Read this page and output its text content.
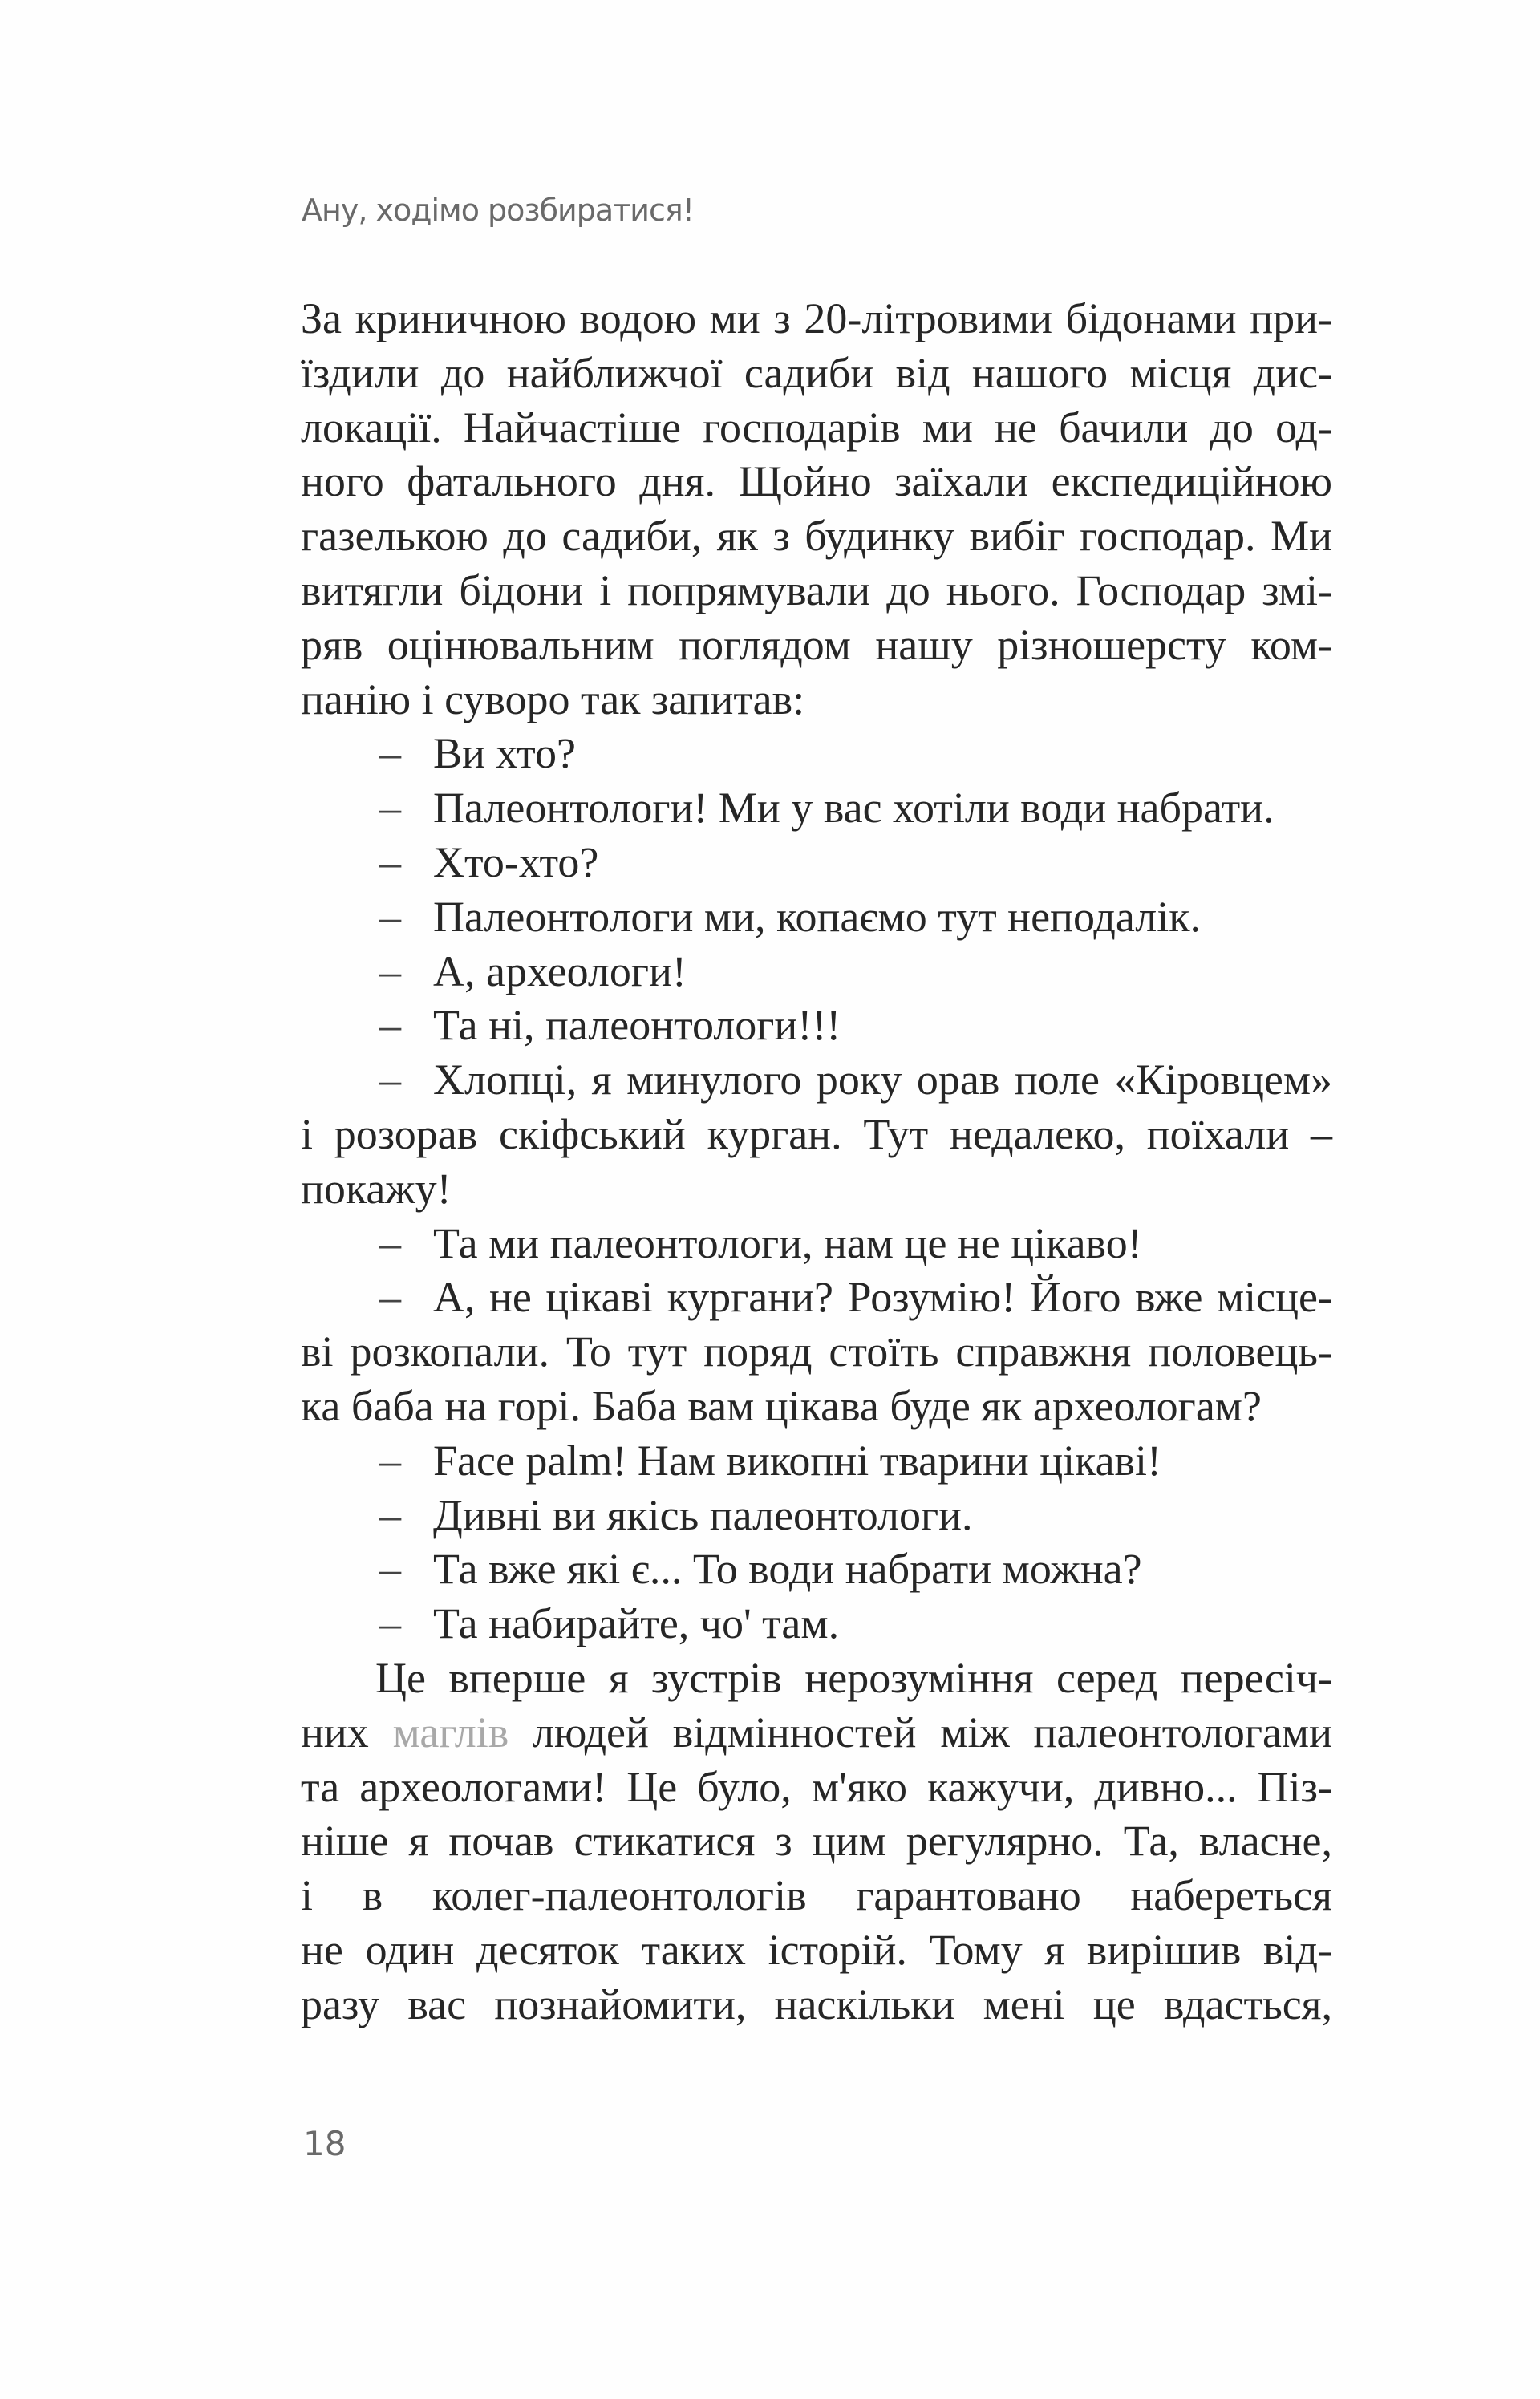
Ану, ходімо розбиратися!
За криничною водою ми з 20-літровими бідонами при-
їздили до найближчої садиби від нашого місця дис-
локації. Найчастіше господарів ми не бачили до од-
ного фатального дня. Щойно заїхали експедиційною
газелькою до садиби, як з будинку вибіг господар. Ми
витягли бідони і попрямували до нього. Господар змі-
ряв оцінювальним поглядом нашу різношерсту ком-
панію і суворо так запитав:
– Ви хто?
– Палеонтологи! Ми у вас хотіли води набрати.
– Хто-хто?
– Палеонтологи ми, копаємо тут неподалік.
– А, археологи!
– Та ні, палеонтологи!!!
– Хлопці, я минулого року орав поле «Кіровцем»
і розорав скіфський курган. Тут недалеко, поїхали –
покажу!
– Та ми палеонтологи, нам це не цікаво!
– А, не цікаві кургани? Розумію! Його вже місце-
ві розкопали. То тут поряд стоїть справжня половець-
ка баба на горі. Баба вам цікава буде як археологам?
– Face palm! Нам викопні тварини цікаві!
– Дивні ви якісь палеонтологи.
– Та вже які є... То води набрати можна?
– Та набирайте, чо' там.
Це вперше я зустрів нерозуміння серед пересіч-
них маглів людей відмінностей між палеонтологами
та археологами! Це було, м'яко кажучи, дивно... Піз-
ніше я почав стикатися з цим регулярно. Та, власне,
і в колег-палеонтологів гарантовано набереться
не один десяток таких історій. Тому я вирішив від-
разу вас познайомити, наскільки мені це вдасться,
18
